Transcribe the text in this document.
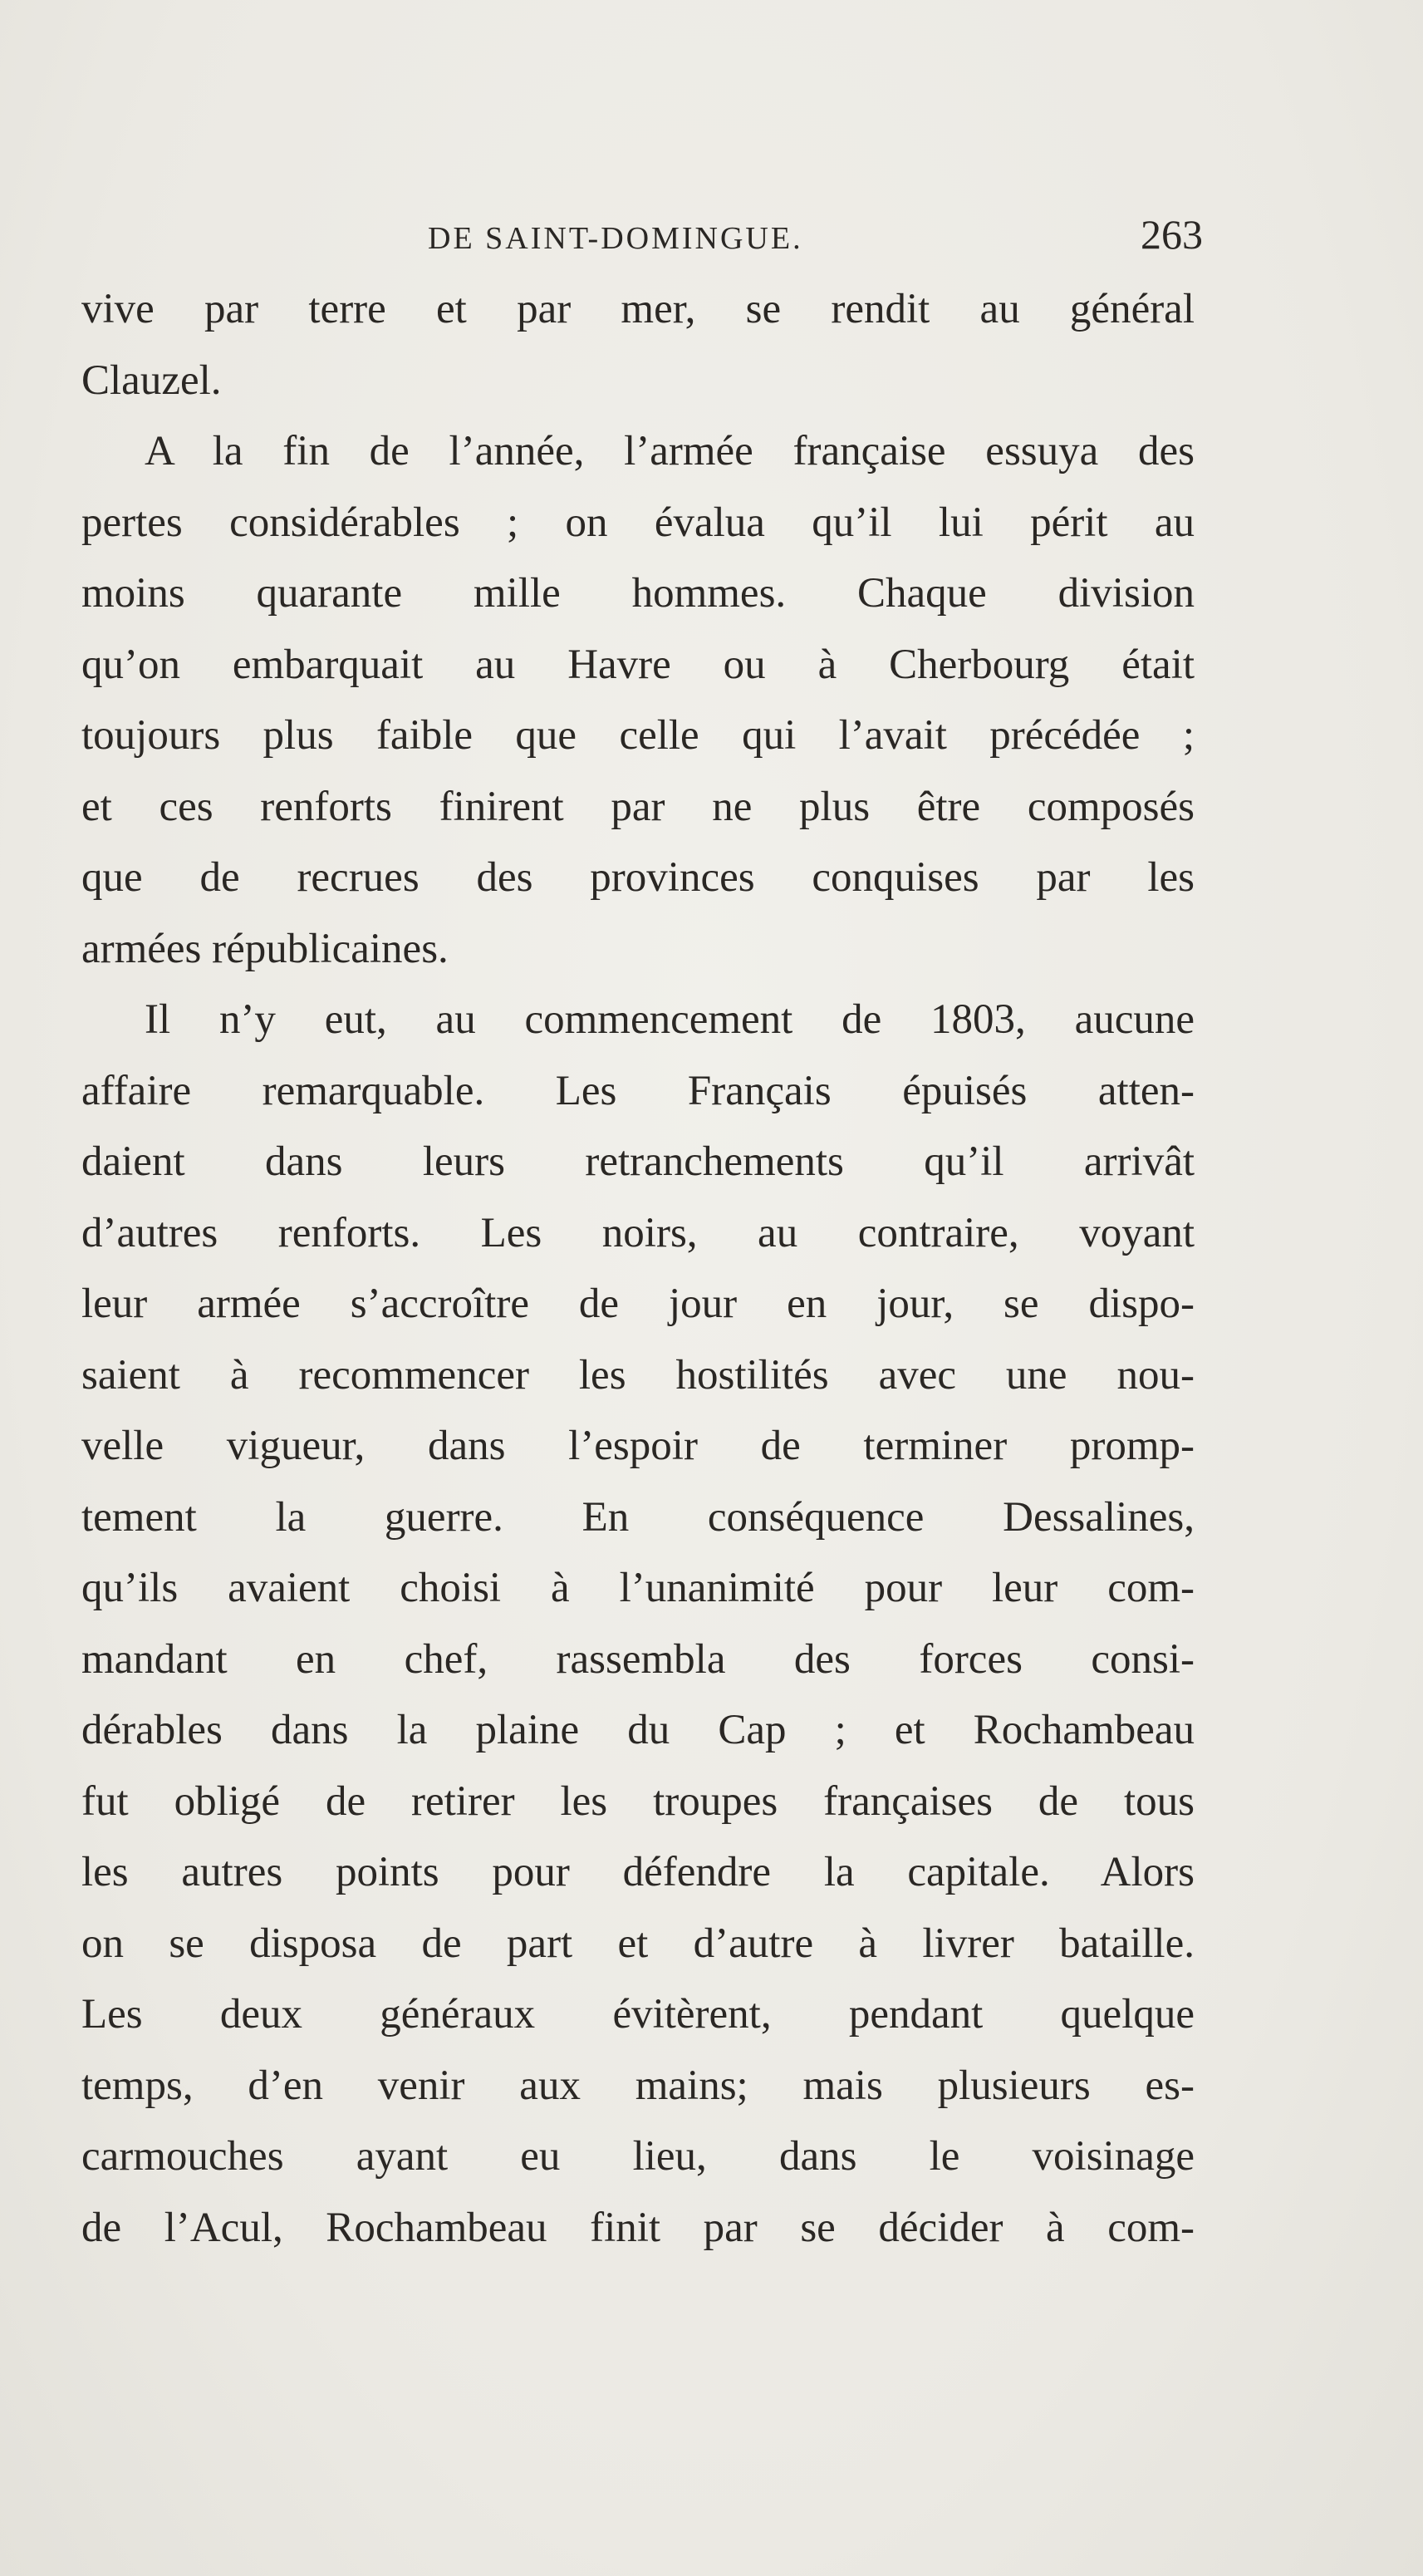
DE SAINT-DOMINGUE.	263
vive par terre et par mer, se rendit au général
Clauzel.
A la fin de l’année, l’armée française essuya des
pertes considérables ; on évalua qu’il lui périt au
moins quarante mille hommes. Chaque division
qu’on embarquait au Havre ou à Cherbourg était
toujours plus faible que celle qui l’avait précédée ;
et ces renforts finirent par ne plus être composés
que de recrues des provinces conquises par les
armées républicaines.
Il n’y eut, au commencement de 1803, aucune
affaire remarquable. Les Français épuisés atten-
daient dans leurs retranchements qu’il arrivât
d’autres renforts. Les noirs, au contraire, voyant
leur armée s’accroître de jour en jour, se dispo-
saient à recommencer les hostilités avec une nou-
velle vigueur, dans l’espoir de terminer promp-
tement la guerre. En conséquence Dessalines,
qu’ils avaient choisi à l’unanimité pour leur com-
mandant en chef, rassembla des forces consi-
dérables dans la plaine du Cap ; et Rochambeau
fut obligé de retirer les troupes françaises de tous
les autres points pour défendre la capitale. Alors
on se disposa de part et d’autre à livrer bataille.
Les deux généraux évitèrent, pendant quelque
temps, d’en venir aux mains; mais plusieurs es-
carmouches ayant eu lieu, dans le voisinage
de l’Acul, Rochambeau finit par se décider à com-
